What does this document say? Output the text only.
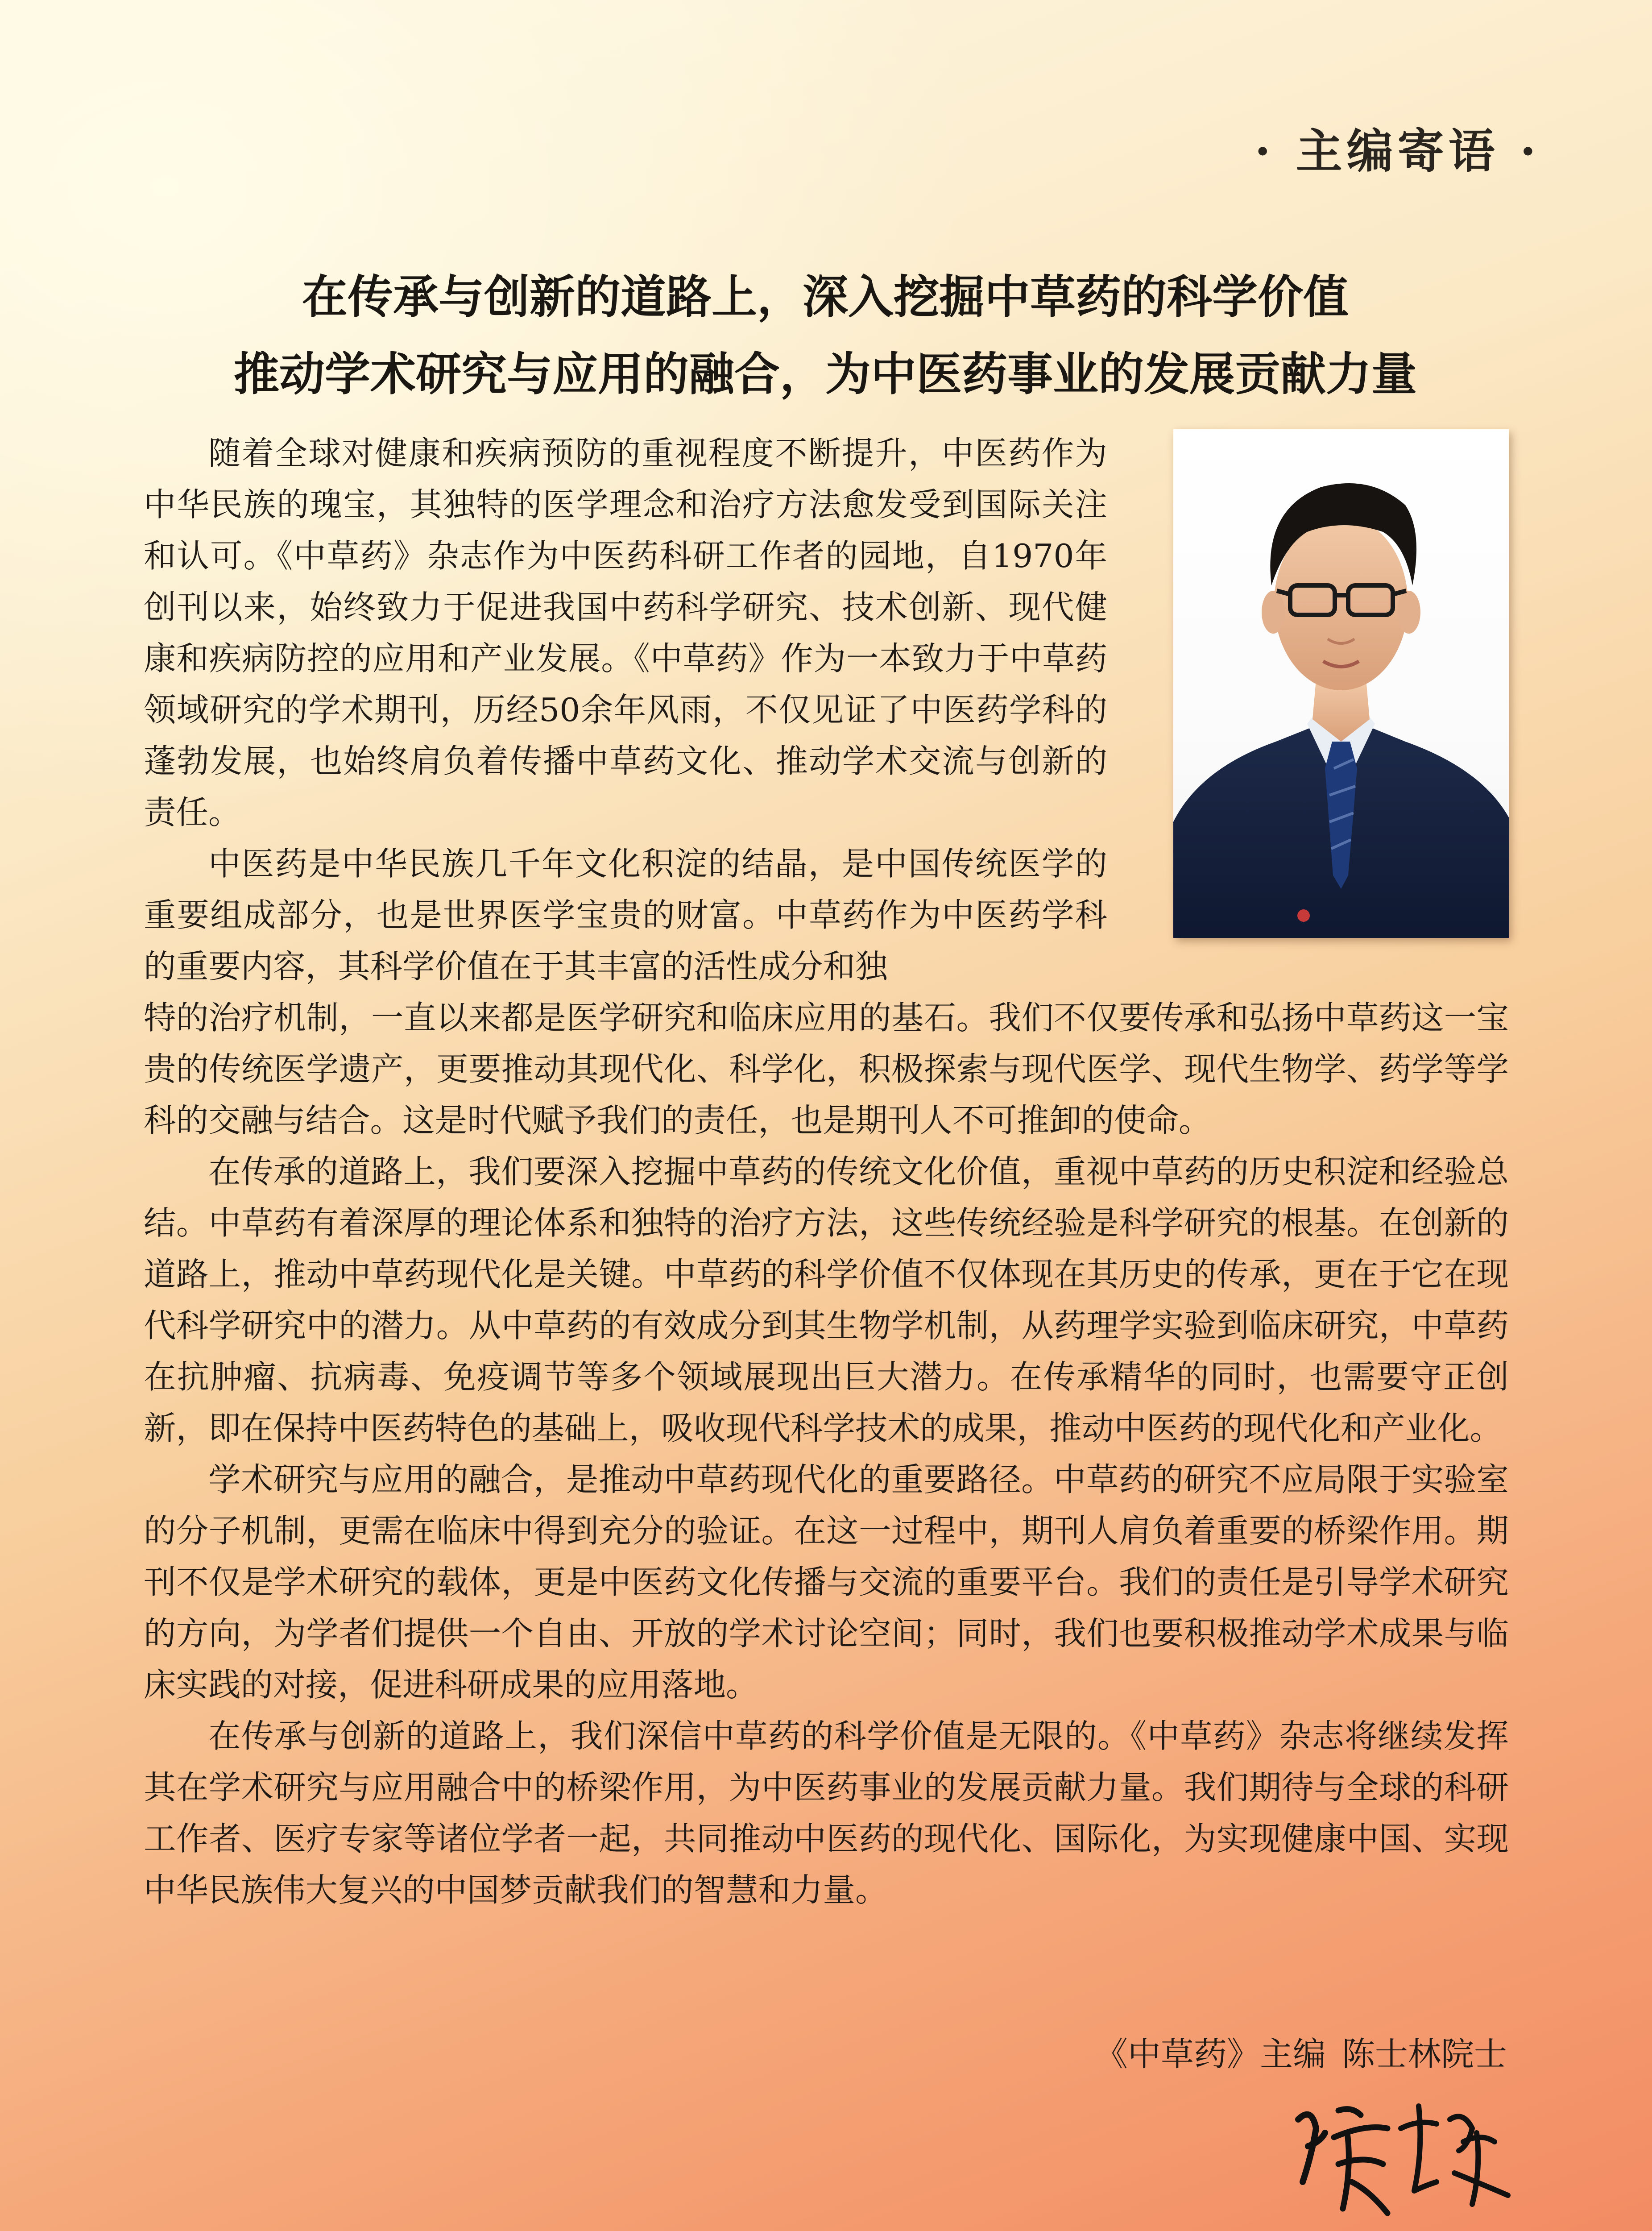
· 主编寄语 ·
在传承与创新的道路上，深入挖掘中草药的科学价值
推动学术研究与应用的融合，为中医药事业的发展贡献力量

随着全球对健康和疾病预防的重视程度不断提升，中医药作为中华民族的瑰宝，其独特的医学理念和治疗方法愈发受到国际关注和认可。《中草药》杂志作为中医药科研工作者的园地，自1970年创刊以来，始终致力于促进我国中药科学研究、技术创新、现代健康和疾病防控的应用和产业发展。《中草药》作为一本致力于中草药领域研究的学术期刊，历经50余年风雨，不仅见证了中医药学科的蓬勃发展，也始终肩负着传播中草药文化、推动学术交流与创新的责任。

中医药是中华民族几千年文化积淀的结晶，是中国传统医学的重要组成部分，也是世界医学宝贵的财富。中草药作为中医药学科的重要内容，其科学价值在于其丰富的活性成分和独

特的治疗机制，一直以来都是医学研究和临床应用的基石。我们不仅要传承和弘扬中草药这一宝贵的传统医学遗产，更要推动其现代化、科学化，积极探索与现代医学、现代生物学、药学等学科的交融与结合。这是时代赋予我们的责任，也是期刊人不可推卸的使命。

在传承的道路上，我们要深入挖掘中草药的传统文化价值，重视中草药的历史积淀和经验总结。中草药有着深厚的理论体系和独特的治疗方法，这些传统经验是科学研究的根基。在创新的道路上，推动中草药现代化是关键。中草药的科学价值不仅体现在其历史的传承，更在于它在现代科学研究中的潜力。从中草药的有效成分到其生物学机制，从药理学实验到临床研究，中草药在抗肿瘤、抗病毒、免疫调节等多个领域展现出巨大潜力。在传承精华的同时，也需要守正创新，即在保持中医药特色的基础上，吸收现代科学技术的成果，推动中医药的现代化和产业化。

学术研究与应用的融合，是推动中草药现代化的重要路径。中草药的研究不应局限于实验室的分子机制，更需在临床中得到充分的验证。在这一过程中，期刊人肩负着重要的桥梁作用。期刊不仅是学术研究的载体，更是中医药文化传播与交流的重要平台。我们的责任是引导学术研究的方向，为学者们提供一个自由、开放的学术讨论空间；同时，我们也要积极推动学术成果与临床实践的对接，促进科研成果的应用落地。

在传承与创新的道路上，我们深信中草药的科学价值是无限的。《中草药》杂志将继续发挥其在学术研究与应用融合中的桥梁作用，为中医药事业的发展贡献力量。我们期待与全球的科研工作者、医疗专家等诸位学者一起，共同推动中医药的现代化、国际化，为实现健康中国、实现中华民族伟大复兴的中国梦贡献我们的智慧和力量。

《中草药》主编 陈士林院士
